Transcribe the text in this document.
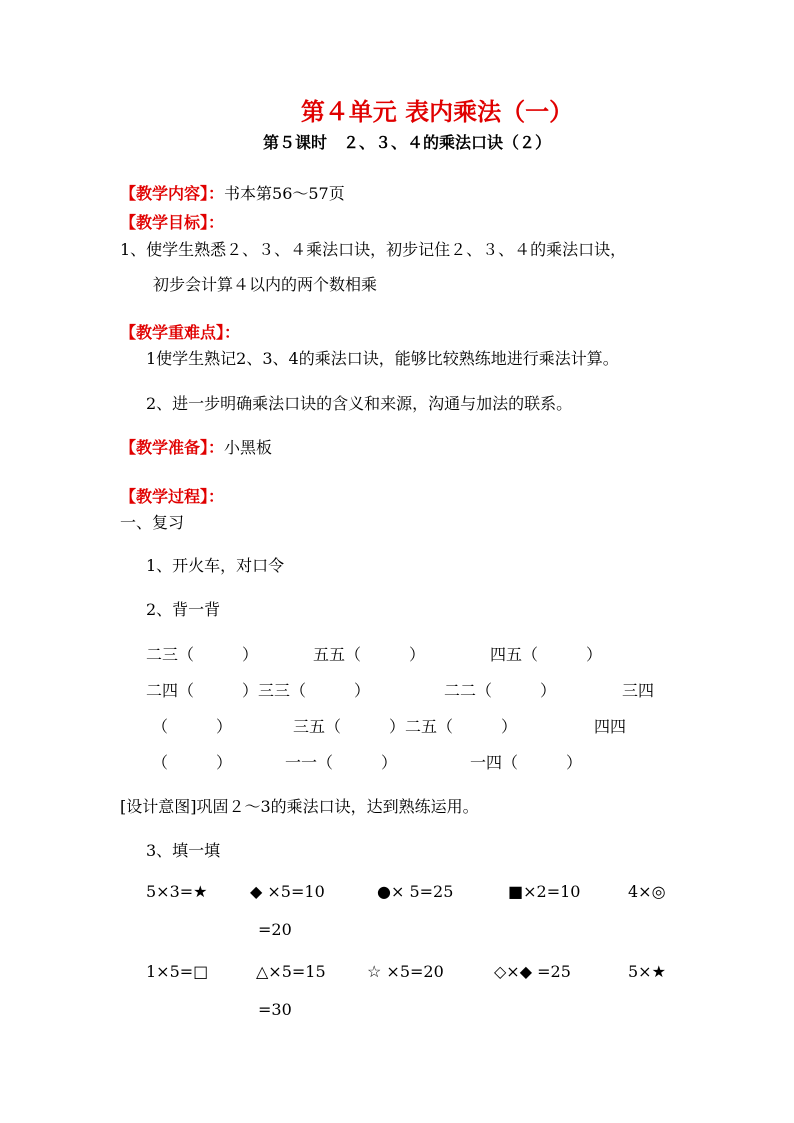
第４单元 表内乘法（一）
第５课时　２、３、４的乘法口诀（２）
【教学内容】：书本第56～57页
【教学目标】：
1、使学生熟悉２、３、４乘法口诀，初步记住２、３、４的乘法口诀，
初步会计算４以内的两个数相乘
【教学重难点】：
1使学生熟记2、3、4的乘法口诀，能够比较熟练地进行乘法计算。
2、进一步明确乘法口诀的含义和来源，沟通与加法的联系。
【教学准备】：小黑板
【教学过程】：
一、复习
1、开火车，对口令
2、背一背
二三（　　　）	五五（　　　）	四五（　　　）
二四（　　　）三三（　　　）	二二（　　　）	三四
（　　　）	三五（　　　）二五（　　　）	四四
（　　　）	一一（　　　）	一四（　　　）
[设计意图]巩固２～3的乘法口诀，达到熟练运用。
3、填一填
5×3=★	◆ ×5=10	●× 5=25	■×2=10	4×◎
=20
1×5=□	△×5=15	☆ ×5=20	◇×◆ =25	5×★
=30
